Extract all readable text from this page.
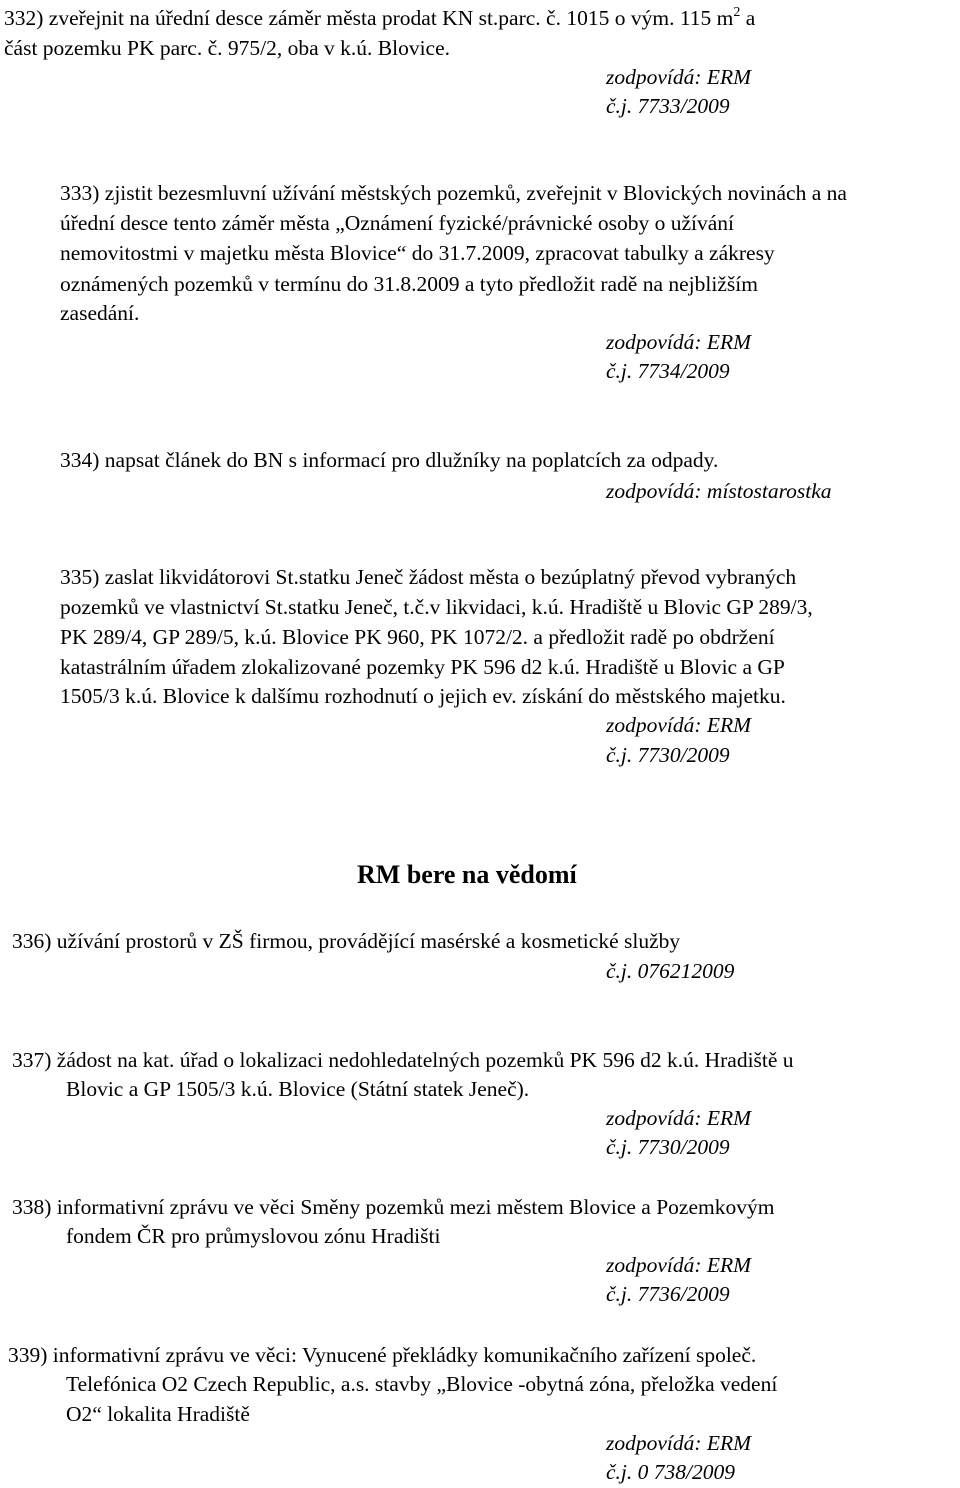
332) zveřejnit na úřední desce záměr města prodat KN st.parc. č. 1015 o vým. 115 $m^2$ a
část pozemku PK parc. č. 975/2, oba v k.ú. Blovice.
zodpovídá: ERM
č.j. 7733/2009
333) zjistit bezesmluvní užívání městských pozemků, zveřejnit v Blovických novinách a na
úřední desce tento záměr města „Oznámení fyzické/právnické osoby o užívání
nemovitostmi v majetku města Blovice“ do 31.7.2009, zpracovat tabulky a zákresy
oznámených pozemků v termínu do 31.8.2009 a tyto předložit radě na nejbližším
zasedání.
zodpovídá: ERM
č.j. 7734/2009
334) napsat článek do BN s informací pro dlužníky na poplatcích za odpady.
zodpovídá: místostarostka
335) zaslat likvidátorovi St.statku Jeneč žádost města o bezúplatný převod vybraných
pozemků ve vlastnictví St.statku Jeneč, t.č.v likvidaci, k.ú. Hradiště u Blovic GP 289/3,
PK 289/4, GP 289/5, k.ú. Blovice PK 960, PK 1072/2. a předložit radě po obdržení
katastrálním úřadem zlokalizované pozemky PK 596 d2 k.ú. Hradiště u Blovic a GP
1505/3 k.ú. Blovice k dalšímu rozhodnutí o jejich ev. získání do městského majetku.
zodpovídá: ERM
č.j. 7730/2009
RM bere na vědomí
336) užívání prostorů v ZŠ firmou, provádějící masérské a kosmetické služby
č.j. 076212009
337) žádost na kat. úřad o lokalizaci nedohledatelných pozemků PK 596 d2 k.ú. Hradiště u
Blovic a GP 1505/3 k.ú. Blovice (Státní statek Jeneč).
zodpovídá: ERM
č.j. 7730/2009
338) informativní zprávu ve věci Směny pozemků mezi městem Blovice a Pozemkovým
fondem ČR pro průmyslovou zónu Hradišti
zodpovídá: ERM
č.j. 7736/2009
339) informativní zprávu ve věci: Vynucené překládky komunikačního zařízení společ.
Telefónica O2 Czech Republic, a.s. stavby „Blovice -obytná zóna, přeložka vedení
O2“ lokalita Hradiště
zodpovídá: ERM
č.j. 0 738/2009
